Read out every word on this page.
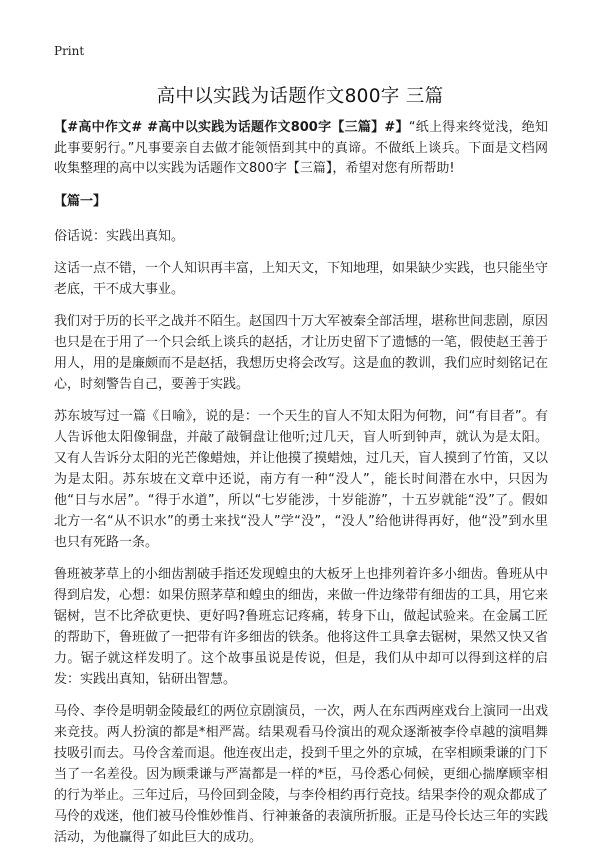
Print
高中以实践为话题作文800字 三篇

【#高中作文# #高中以实践为话题作文800字【三篇】#】“纸上得来终觉浅，绝知此事要躬行。”凡事要亲自去做才能领悟到其中的真谛。不做纸上谈兵。下面是文档网收集整理的高中以实践为话题作文800字【三篇】，希望对您有所帮助!

【篇一】

俗话说：实践出真知。

这话一点不错，一个人知识再丰富，上知天文，下知地理，如果缺少实践，也只能坐守老底，干不成大事业。

我们对于历的长平之战并不陌生。赵国四十万大军被秦全部活埋，堪称世间悲剧，原因也只是在于用了一个只会纸上谈兵的赵括，才让历史留下了遗憾的一笔，假使赵王善于用人，用的是廉颇而不是赵括，我想历史将会改写。这是血的教训，我们应时刻铭记在心，时刻警告自己，要善于实践。

苏东坡写过一篇《日喻》，说的是：一个天生的盲人不知太阳为何物，问“有目者”。有人告诉他太阳像铜盘，并敲了敲铜盘让他听;过几天，盲人听到钟声，就认为是太阳。又有人告诉分太阳的光芒像蜡烛，并让他摸了摸蜡烛，过几天，盲人摸到了竹笛，又以为是太阳。苏东坡在文章中还说，南方有一种“没人”，能长时间潜在水中，只因为他“日与水居”。“得于水道”，所以“七岁能涉，十岁能游”，十五岁就能“没”了。假如北方一名“从不识水”的勇士来找“没人”学“没”，“没人”给他讲得再好，他“没”到水里也只有死路一条。

鲁班被茅草上的小细齿割破手指还发现蝗虫的大板牙上也排列着许多小细齿。鲁班从中得到启发，心想：如果仿照茅草和蝗虫的细齿，来做一件边缘带有细齿的工具，用它来锯树，岂不比斧砍更快、更好吗?鲁班忘记疼痛，转身下山，做起试验来。在金属工匠的帮助下，鲁班做了一把带有许多细齿的铁条。他将这件工具拿去锯树，果然又快又省力。锯子就这样发明了。这个故事虽说是传说，但是，我们从中却可以得到这样的启发：实践出真知，钻研出智慧。

马伶、李伶是明朝金陵最红的两位京剧演员，一次，两人在东西两座戏台上演同一出戏来竞技。两人扮演的都是*相严嵩。结果观看马伶演出的观众逐渐被李伶卓越的演唱舞技吸引而去。马伶含羞而退。他连夜出走，投到千里之外的京城，在宰相顾秉谦的门下当了一名差役。因为顾秉谦与严嵩都是一样的*臣，马伶悉心伺候，更细心揣摩顾宰相的行为举止。三年过后，马伶回到金陵，与李伶相约再行竞技。结果李伶的观众都成了马伶的戏迷，他们被马伶惟妙惟肖、行神兼备的表演所折服。正是马伶长达三年的实践活动，为他赢得了如此巨大的成功。
